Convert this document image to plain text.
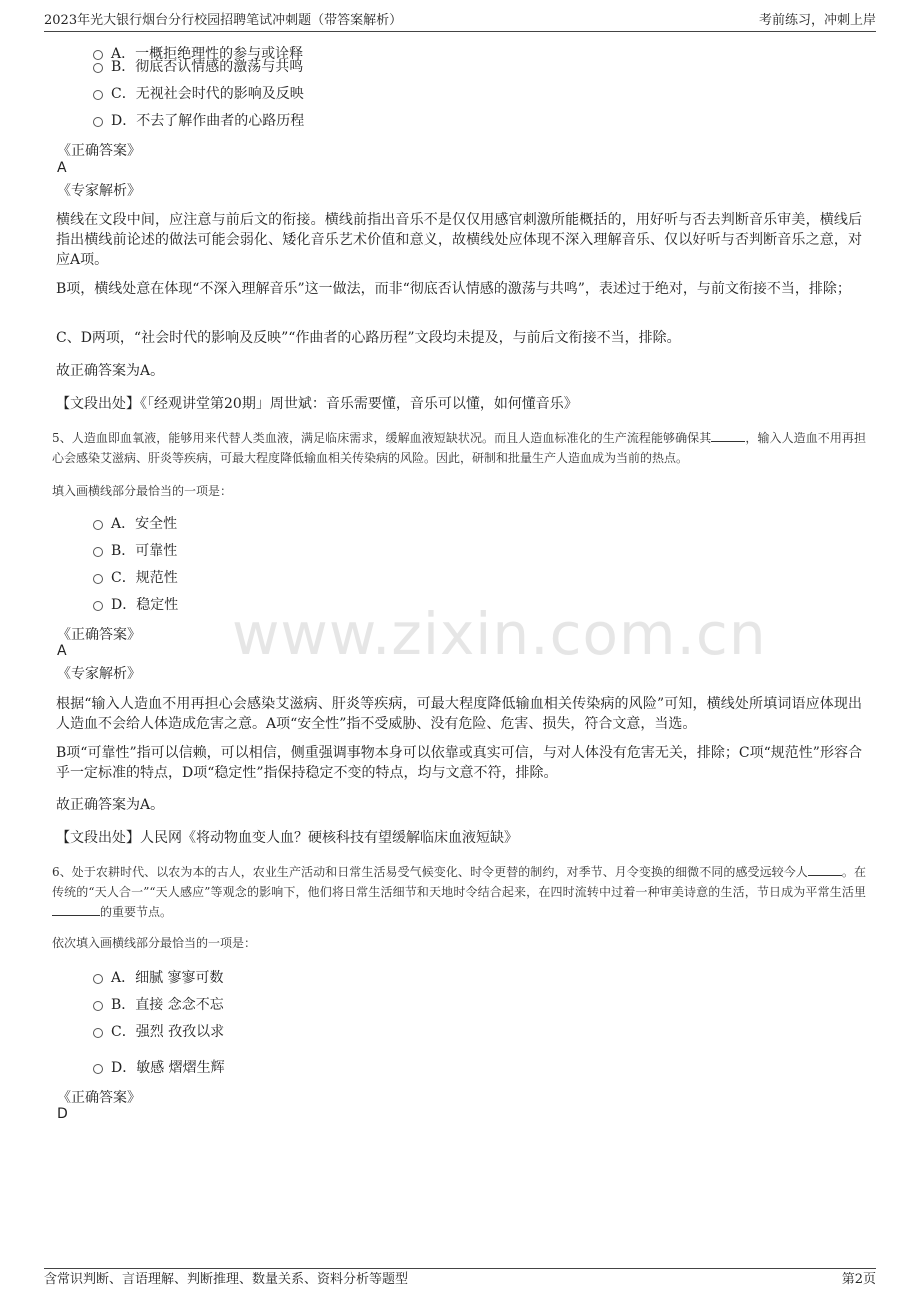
2023年光大银行烟台分行校园招聘笔试冲刺题（带答案解析）	考前练习，冲刺上岸
www.zixin.com.cn
A．一概拒绝理性的参与或诠释
B．彻底否认情感的激荡与共鸣
C．无视社会时代的影响及反映
D．不去了解作曲者的心路历程
《正确答案》
A
《专家解析》
横线在文段中间，应注意与前后文的衔接。横线前指出音乐不是仅仅用感官刺激所能概括的，用好听与否去判断音乐审美，横线后指出横线前论述的做法可能会弱化、矮化音乐艺术价值和意义，故横线处应体现不深入理解音乐、仅以好听与否判断音乐之意，对应A项。
B项，横线处意在体现“不深入理解音乐”这一做法，而非“彻底否认情感的激荡与共鸣”，表述过于绝对，与前文衔接不当，排除；
C、D两项，“社会时代的影响及反映”“作曲者的心路历程”文段均未提及，与前后文衔接不当，排除。
故正确答案为A。
【文段出处】《「经观讲堂第20期」周世斌：音乐需要懂，音乐可以懂，如何懂音乐》
5、人造血即血氧液，能够用来代替人类血液，满足临床需求，缓解血液短缺状况。而且人造血标准化的生产流程能够确保其	，输入人造血不用再担心会感染艾滋病、肝炎等疾病，可最大程度降低输血相关传染病的风险。因此，研制和批量生产人造血成为当前的热点。
填入画横线部分最恰当的一项是：
A．安全性
B．可靠性
C．规范性
D．稳定性
《正确答案》
A
《专家解析》
根据“输入人造血不用再担心会感染艾滋病、肝炎等疾病，可最大程度降低输血相关传染病的风险”可知，横线处所填词语应体现出人造血不会给人体造成危害之意。A项“安全性”指不受威胁、没有危险、危害、损失，符合文意，当选。
B项“可靠性”指可以信赖，可以相信，侧重强调事物本身可以依靠或真实可信，与对人体没有危害无关，排除；C项“规范性”形容合乎一定标准的特点，D项“稳定性”指保持稳定不变的特点，均与文意不符，排除。
故正确答案为A。
【文段出处】人民网《将动物血变人血？硬核科技有望缓解临床血液短缺》
6、处于农耕时代、以农为本的古人，农业生产活动和日常生活易受气候变化、时令更替的制约，对季节、月令变换的细微不同的感受远较今人	。在传统的“天人合一”“天人感应”等观念的影响下，他们将日常生活细节和天地时令结合起来，在四时流转中过着一种审美诗意的生活，节日成为平常生活里的重要节点。
依次填入画横线部分最恰当的一项是：
A．细腻 寥寥可数
B．直接 念念不忘
C．强烈 孜孜以求
D．敏感 熠熠生辉
《正确答案》
D
含常识判断、言语理解、判断推理、数量关系、资料分析等题型	第2页
